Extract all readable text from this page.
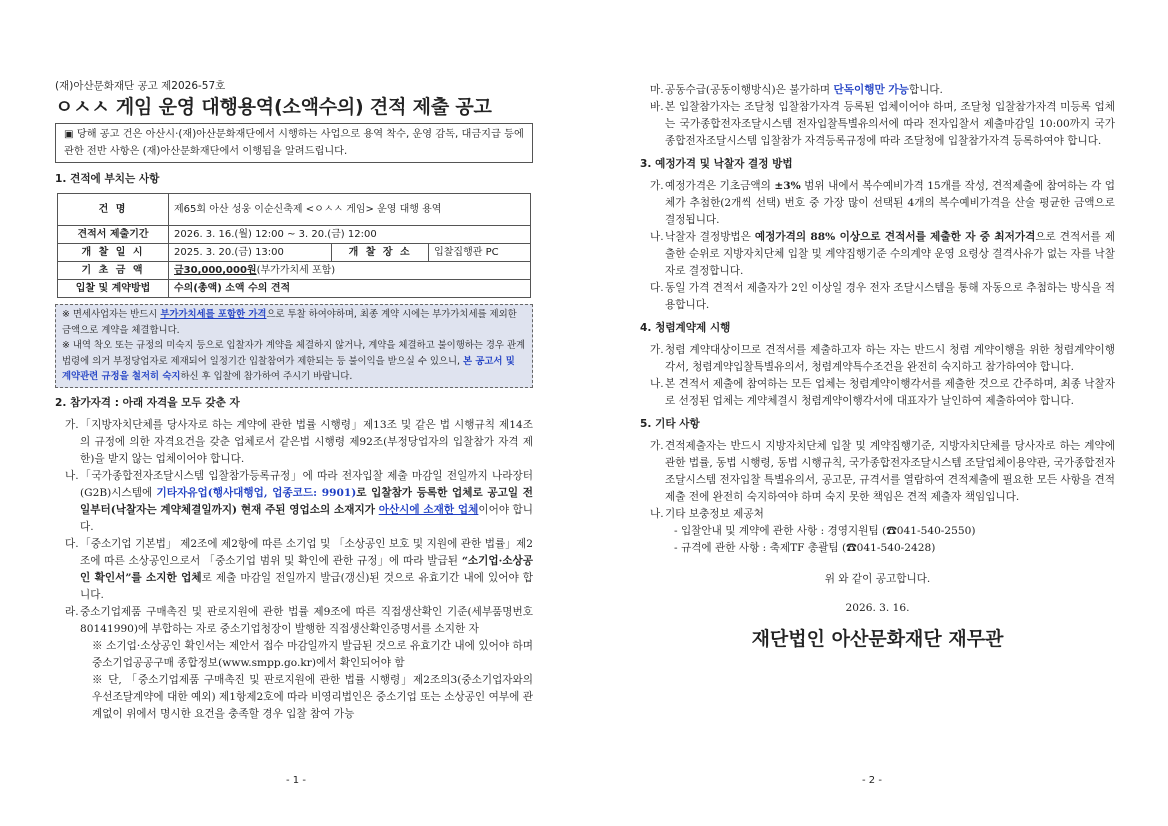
(재)아산문화재단 공고 제2026-57호
ㅇㅅㅅ 게임 운영 대행용역(소액수의) 견적 제출 공고
▣ 당해 공고 건은 아산시·(재)아산문화재단에서 시행하는 사업으로 용역 착수, 운영 감독, 대금지급 등에 관한 전반 사항은 (재)아산문화재단에서 이행됨을 알려드립니다.
1. 견적에 부치는 사항
건 명	제65회 아산 성웅 이순신축제 <ㅇㅅㅅ 게임> 운영 대행 용역		
견적서 제출기간	2026. 3. 16.(월) 12:00 ~ 3. 20.(금) 12:00		
개 찰 일 시	2025. 3. 20.(금) 13:00	개 찰 장 소	입찰집행관 PC
기 초 금 액	금30,000,000원(부가가치세 포함)		
입찰 및 계약방법	수의(총액) 소액 수의 견적		
※ 면세사업자는 반드시 부가가치세를 포함한 가격으로 투찰 하여야하며, 최종 계약 시에는 부가가치세를 제외한 금액으로 계약을 체결합니다.
※ 내역 착오 또는 규정의 미숙지 등으로 입찰자가 계약을 체결하지 않거나, 계약을 체결하고 불이행하는 경우 관계법령에 의거 부정당업자로 제재되어 일정기간 입찰참여가 제한되는 등 불이익을 받으실 수 있으니, 본 공고서 및 계약관련 규정을 철저히 숙지하신 후 입찰에 참가하여 주시기 바랍니다.
2. 참가자격 : 아래 자격을 모두 갖춘 자
가. 「지방자치단체를 당사자로 하는 계약에 관한 법률 시행령」제13조 및 같은 법 시행규칙 제14조의 규정에 의한 자격요건을 갖춘 업체로서 같은법 시행령 제92조(부정당업자의 입찰참가 자격 제한)을 받지 않는 업체이어야 합니다.
나. 「국가종합전자조달시스템 입찰참가등록규정」에 따라 전자입찰 제출 마감일 전일까지 나라장터(G2B)시스템에 기타자유업(행사대행업, 업종코드: 9901)로 입찰참가 등록한 업체로 공고일 전일부터(낙찰자는 계약체결일까지) 현재 주된 영업소의 소재지가 아산시에 소재한 업체이어야 합니다.
다. 「중소기업 기본법」 제2조에 제2항에 따른 소기업 및 「소상공인 보호 및 지원에 관한 법률」제2조에 따른 소상공인으로서 「중소기업 범위 및 확인에 관한 규정」에 따라 발급된 “소기업·소상공인 확인서”를 소지한 업체로 제출 마감일 전일까지 발급(갱신)된 것으로 유효기간 내에 있어야 합니다.
라. 중소기업제품 구매촉진 및 판로지원에 관한 법률 제9조에 따른 직접생산확인 기준(세부품명번호 80141990)에 부합하는 자로 중소기업청장이 발행한 직접생산확인증명서를 소지한 자
※ 소기업·소상공인 확인서는 제안서 접수 마감일까지 발급된 것으로 유효기간 내에 있어야 하며 중소기업공공구매 종합정보(www.smpp.go.kr)에서 확인되어야 함
※ 단, 「중소기업제품 구매촉진 및 판로지원에 관한 법률 시행령」제2조의3(중소기업자와의 우선조달계약에 대한 예외) 제1항제2호에 따라 비영리법인은 중소기업 또는 소상공인 여부에 관계없이 위에서 명시한 요건을 충족할 경우 입찰 참여 가능
- 1 -
마. 공동수급(공동이행방식)은 불가하며 단독이행만 가능합니다.
바. 본 입찰참가자는 조달청 입찰참가자격 등록된 업체이어야 하며, 조달청 입찰참가자격 미등록 업체는 국가종합전자조달시스템 전자입찰특별유의서에 따라 전자입찰서 제출마감일 10:00까지 국가종합전자조달시스템 입찰참가 자격등록규정에 따라 조달청에 입찰참가자격 등록하여야 합니다.
3. 예정가격 및 낙찰자 결정 방법
가. 예정가격은 기초금액의 ±3% 범위 내에서 복수예비가격 15개를 작성, 견적제출에 참여하는 각 업체가 추첨한(2개씩 선택) 번호 중 가장 많이 선택된 4개의 복수예비가격을 산술 평균한 금액으로 결정됩니다.
나. 낙찰자 결정방법은 예정가격의 88% 이상으로 견적서를 제출한 자 중 최저가격으로 견적서를 제출한 순위로 지방자치단체 입찰 및 계약집행기준 수의계약 운영 요령상 결격사유가 없는 자를 낙찰자로 결정합니다.
다. 동일 가격 견적서 제출자가 2인 이상일 경우 전자 조달시스템을 통해 자동으로 추첨하는 방식을 적용합니다.
4. 청렴계약제 시행
가. 청렴 계약대상이므로 견적서를 제출하고자 하는 자는 반드시 청렴 계약이행을 위한 청렴계약이행각서, 청렴계약입찰특별유의서, 청렴계약특수조건을 완전히 숙지하고 참가하여야 합니다.
나. 본 견적서 제출에 참여하는 모든 업체는 청렴계약이행각서를 제출한 것으로 간주하며, 최종 낙찰자로 선정된 업체는 계약체결시 청렴계약이행각서에 대표자가 날인하여 제출하여야 합니다.
5. 기타 사항
가. 견적제출자는 반드시 지방자치단체 입찰 및 계약집행기준, 지방자치단체를 당사자로 하는 계약에 관한 법률, 동법 시행령, 동법 시행규칙, 국가종합전자조달시스템 조달업체이용약관, 국가종합전자조달시스템 전자입찰 특별유의서, 공고문, 규격서를 열람하여 견적제출에 필요한 모든 사항을 견적제출 전에 완전히 숙지하여야 하며 숙지 못한 책임은 견적 제출자 책임입니다.
나. 기타 보충정보 제공처
- 입찰안내 및 계약에 관한 사항 : 경영지원팀 (☎041-540-2550)
- 규격에 관한 사항 : 축제TF 총괄팀 (☎041-540-2428)
위 와 같이 공고합니다.
2026. 3. 16.
재단법인 아산문화재단 재무관
- 2 -
